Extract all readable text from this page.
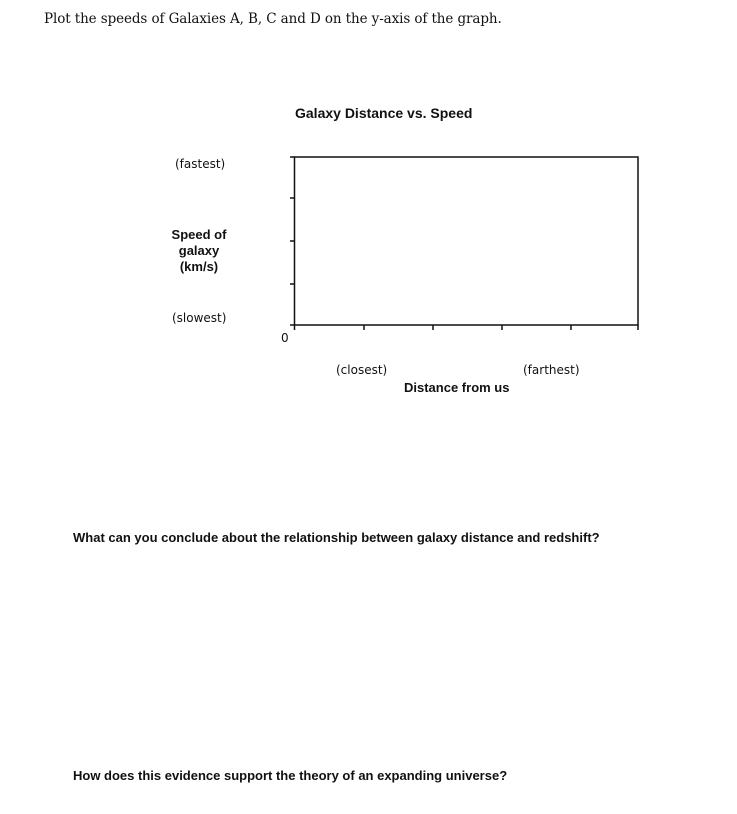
Plot the speeds of Galaxies A, B, C and D on the y-axis of the graph.
Galaxy Distance vs. Speed
(fastest)
Speed of
galaxy
(km/s)
(slowest)
0
(closest)	(farthest)
Distance from us
What can you conclude about the relationship between galaxy distance and redshift?
How does this evidence support the theory of an expanding universe?
